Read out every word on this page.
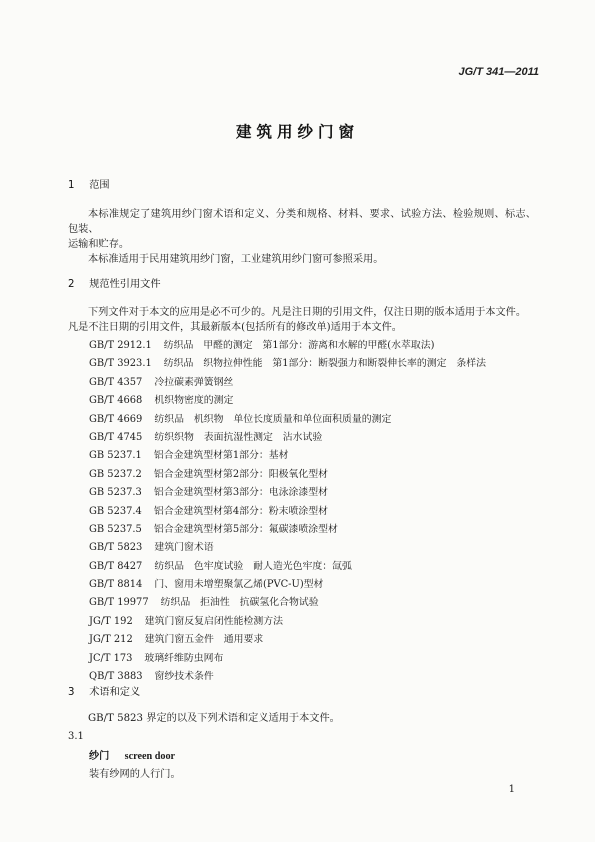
JG/T 341—2011
建筑用纱门窗
1 范围
本标准规定了建筑用纱门窗术语和定义、分类和规格、材料、要求、试验方法、检验规则、标志、包装、
运输和贮存。
本标准适用于民用建筑用纱门窗，工业建筑用纱门窗可参照采用。
2 规范性引用文件
下列文件对于本文的应用是必不可少的。凡是注日期的引用文件，仅注日期的版本适用于本文件。
凡是不注日期的引用文件，其最新版本(包括所有的修改单)适用于本文件。
GB/T 2912.1 纺织品　甲醛的测定　第1部分：游离和水解的甲醛(水萃取法)
GB/T 3923.1 纺织品　织物拉伸性能　第1部分：断裂强力和断裂伸长率的测定　条样法
GB/T 4357 冷拉碳素弹簧钢丝
GB/T 4668 机织物密度的测定
GB/T 4669 纺织品　机织物　单位长度质量和单位面积质量的测定
GB/T 4745 纺织织物　表面抗湿性测定　沾水试验
GB 5237.1 铝合金建筑型材第1部分：基材
GB 5237.2 铝合金建筑型材第2部分：阳极氧化型材
GB 5237.3 铝合金建筑型材第3部分：电泳涂漆型材
GB 5237.4 铝合金建筑型材第4部分：粉末喷涂型材
GB 5237.5 铝合金建筑型材第5部分：氟碳漆喷涂型材
GB/T 5823 建筑门窗术语
GB/T 8427 纺织品　色牢度试验　耐人造光色牢度：氙弧
GB/T 8814 门、窗用未增塑聚氯乙烯(PVC-U)型材
GB/T 19977 纺织品　拒油性　抗碳氢化合物试验
JG/T 192 建筑门窗反复启闭性能检测方法
JG/T 212 建筑门窗五金件　通用要求
JC/T 173 玻璃纤维防虫网布
QB/T 3883 窗纱技术条件
3 术语和定义
GB/T 5823 界定的以及下列术语和定义适用于本文件。
3.1
纱门 screen door
装有纱网的人行门。
1
